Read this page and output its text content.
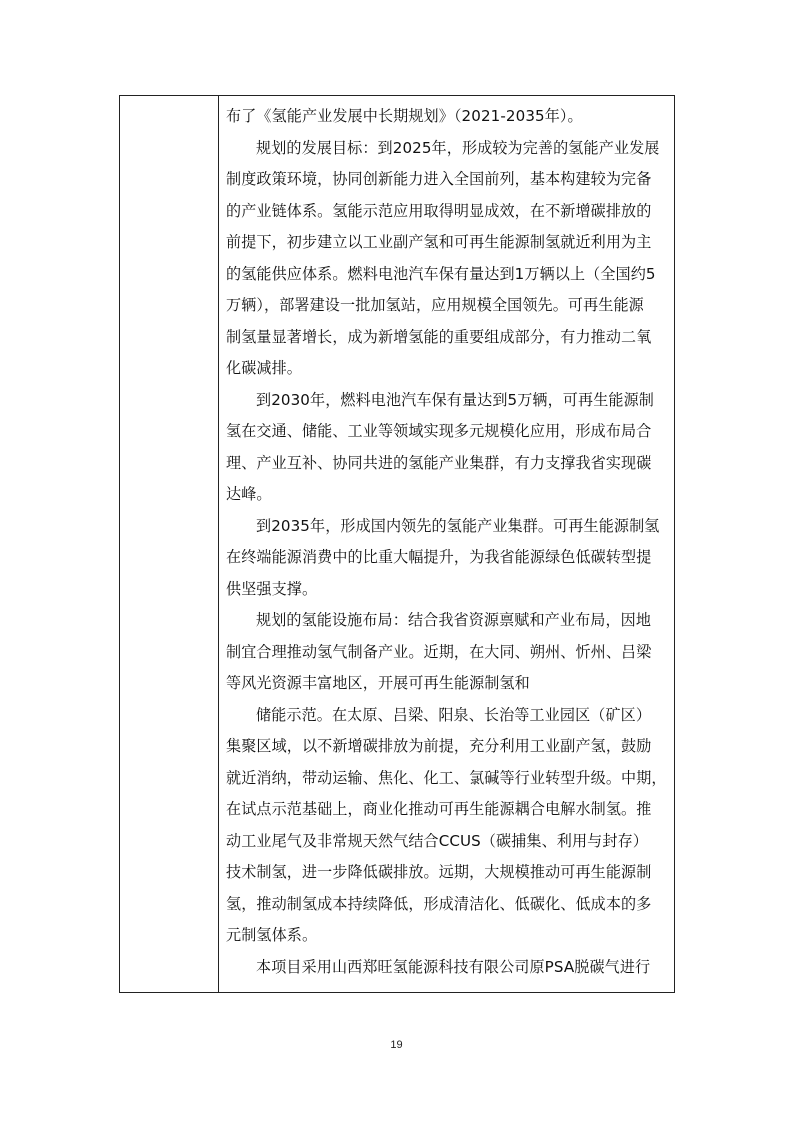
布了《氢能产业发展中长期规划》（2021-2035年）。

规划的发展目标：到2025年，形成较为完善的氢能产业发展
制度政策环境，协同创新能力进入全国前列，基本构建较为完备
的产业链体系。氢能示范应用取得明显成效，在不新增碳排放的
前提下，初步建立以工业副产氢和可再生能源制氢就近利用为主
的氢能供应体系。燃料电池汽车保有量达到1万辆以上（全国约5
万辆），部署建设一批加氢站，应用规模全国领先。可再生能源
制氢量显著增长，成为新增氢能的重要组成部分，有力推动二氧
化碳减排。

到2030年，燃料电池汽车保有量达到5万辆，可再生能源制
氢在交通、储能、工业等领域实现多元规模化应用，形成布局合
理、产业互补、协同共进的氢能产业集群，有力支撑我省实现碳
达峰。

到2035年，形成国内领先的氢能产业集群。可再生能源制氢
在终端能源消费中的比重大幅提升，为我省能源绿色低碳转型提
供坚强支撑。

规划的氢能设施布局：结合我省资源禀赋和产业布局，因地
制宜合理推动氢气制备产业。近期，在大同、朔州、忻州、吕梁
等风光资源丰富地区，开展可再生能源制氢和

储能示范。在太原、吕梁、阳泉、长治等工业园区（矿区）
集聚区域，以不新增碳排放为前提，充分利用工业副产氢，鼓励
就近消纳，带动运输、焦化、化工、氯碱等行业转型升级。中期，
在试点示范基础上，商业化推动可再生能源耦合电解水制氢。推
动工业尾气及非常规天然气结合CCUS（碳捕集、利用与封存）
技术制氢，进一步降低碳排放。远期，大规模推动可再生能源制
氢，推动制氢成本持续降低，形成清洁化、低碳化、低成本的多
元制氢体系。

本项目采用山西郑旺氢能源科技有限公司原PSA脱碳气进行

19
